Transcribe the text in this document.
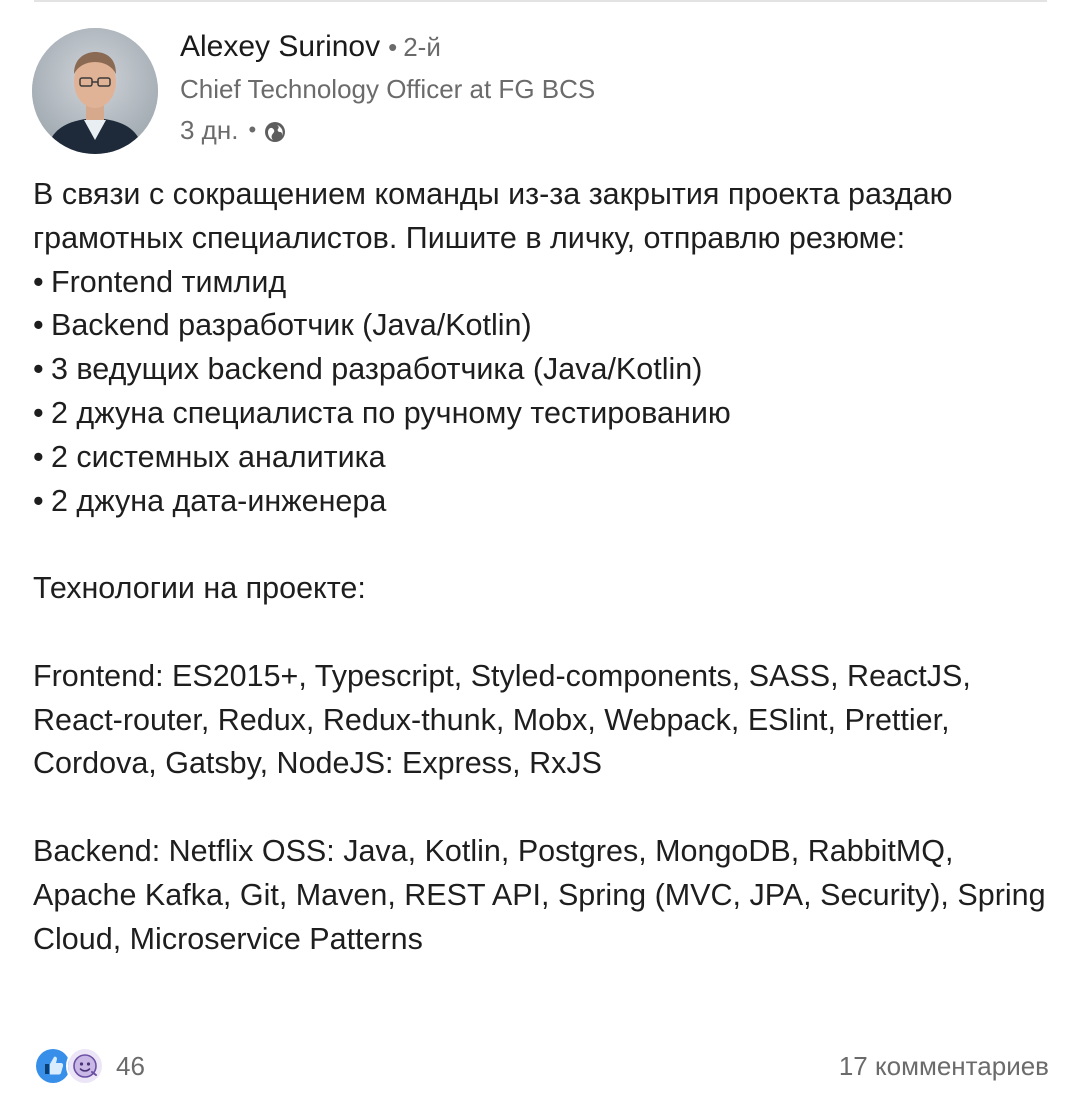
Alexey Surinov • 2-й
Chief Technology Officer at FG BCS
3 дн. •

В связи с сокращением команды из-за закрытия проекта раздаю грамотных специалистов. Пишите в личку, отправлю резюме:

• Frontend тимлид
• Backend разработчик (Java/Kotlin)
• 3 ведущих backend разработчика (Java/Kotlin)
• 2 джуна специалиста по ручному тестированию
• 2 системных аналитика
• 2 джуна дата-инженера

Технологии на проекте:

Frontend: ES2015+, Typescript, Styled-components, SASS, ReactJS, React-router, Redux, Redux-thunk, Mobx, Webpack, ESlint, Prettier, Cordova, Gatsby, NodeJS: Express, RxJS

Backend: Netflix OSS: Java, Kotlin, Postgres, MongoDB, RabbitMQ, Apache Kafka, Git, Maven, REST API, Spring (MVC, JPA, Security), Spring Cloud, Microservice Patterns

46	17 комментариев
